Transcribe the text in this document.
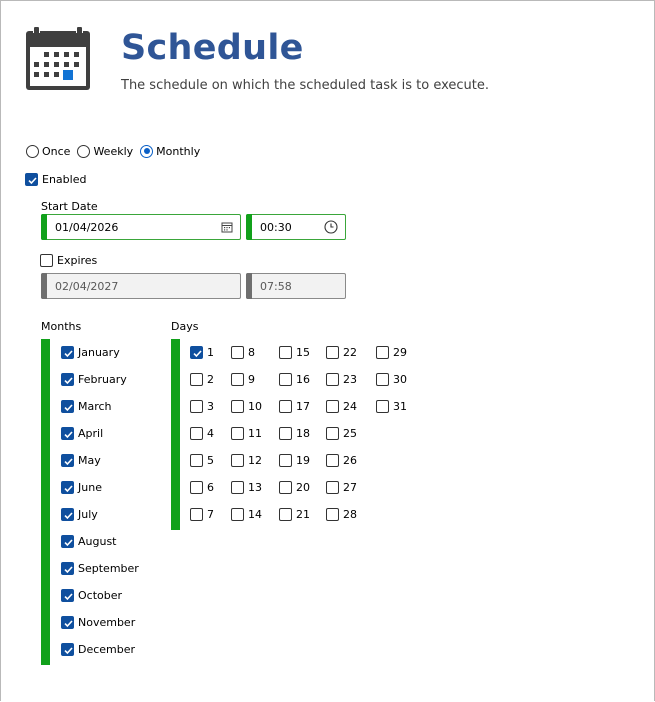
Schedule
The schedule on which the scheduled task is to execute.
Once Weekly Monthly
Enabled
Start Date
01/04/2026	00:30
Expires
02/04/2027	07:58
Months
January
February
March
April
May
June
July
August
September
October
November
December
Days
1
2
3
4
5
6
7
8
9
10
11
12
13
14
15
16
17
18
19
20
21
22
23
24
25
26
27
28
29
30
31
